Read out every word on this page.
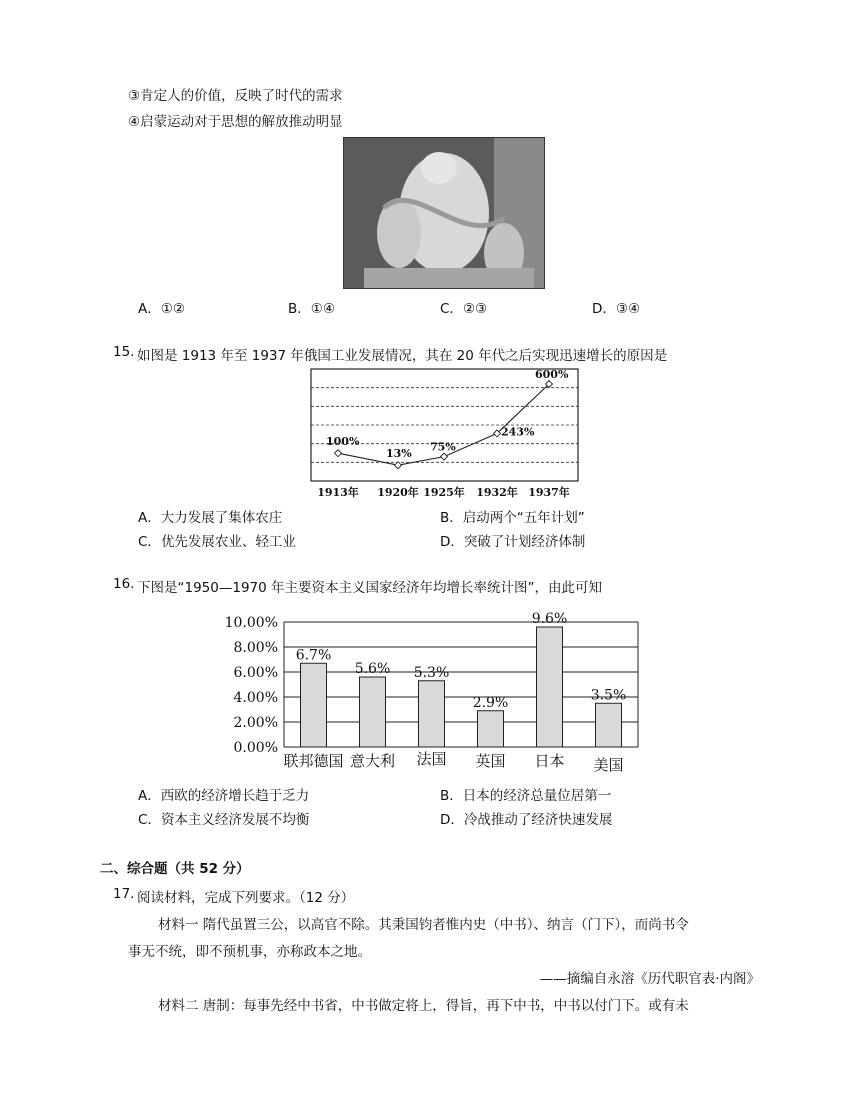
③肯定人的价值，反映了时代的需求
④启蒙运动对于思想的解放推动明显
A．①②	B．①④	C．②③	D．③④
15. 如图是 1913 年至 1937 年俄国工业发展情况，其在 20 年代之后实现迅速增长的原因是
100%
1913年
13%
1920年
75%
1925年
243%
1932年
600%
1937年
A．大力发展了集体农庄	B．启动两个“五年计划”
C．优先发展农业、轻工业	D．突破了计划经济体制
16. 下图是“1950—1970 年主要资本主义国家经济年均增长率统计图”，由此可知
0.00%
2.00%
4.00%
6.00%
8.00%
10.00%
6.7%
联邦德国
5.6%
意大利
5.3%
法国
2.9%
英国
9.6%
日本
3.5%
美国
A．西欧的经济增长趋于乏力	B．日本的经济总量位居第一
C．资本主义经济发展不均衡	D．冷战推动了经济快速发展
二、综合题（共 52 分）
17. 阅读材料，完成下列要求。（12 分）
材料一 隋代虽置三公，以高官不除。其秉国钧者惟内史（中书）、纳言（门下），而尚书令
事无不统，即不预机事，亦称政本之地。
——摘编自永溶《历代职官表·内阁》
材料二 唐制：每事先经中书省，中书做定将上，得旨，再下中书，中书以付门下。或有未
